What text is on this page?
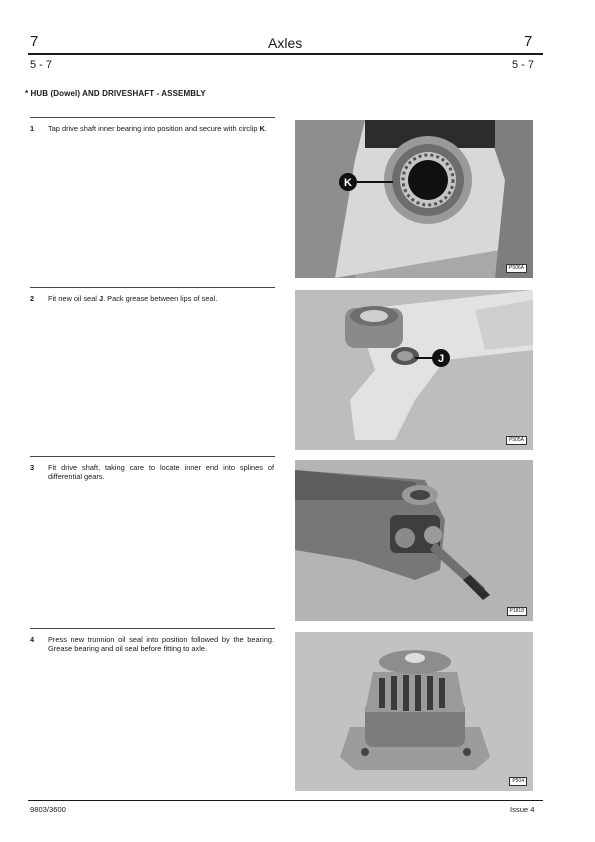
7	Axles	7
5 - 7	5 - 7
* HUB (Dowel) AND DRIVESHAFT - ASSEMBLY
1 Tap drive shaft inner bearing into position and secure with circlip K.
K
P506A
2 Fit new oil seal J. Pack grease between lips of seal.
J
P505A
3 Fit drive shaft, taking care to locate inner end into splines of differential gears.
P1818
4 Press new trunnion oil seal into position followed by the bearing. Grease bearing and oil seal before fitting to axle.
P504
9803/3600	Issue 4
